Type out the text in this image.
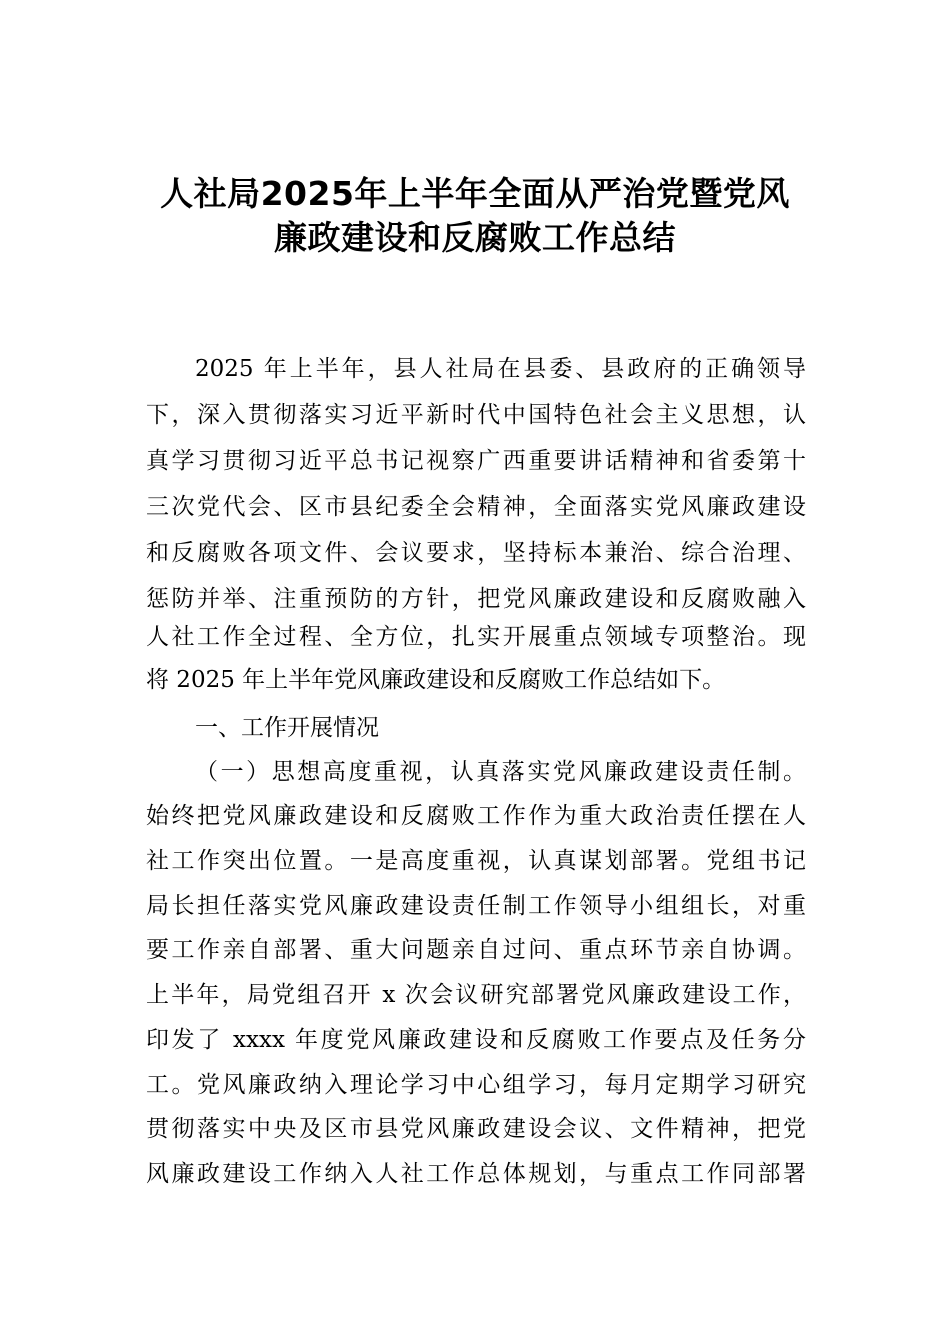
人社局2025年上半年全面从严治党暨党风
廉政建设和反腐败工作总结
2025 年上半年，县人社局在县委、县政府的正确领导
下，深入贯彻落实习近平新时代中国特色社会主义思想，认
真学习贯彻习近平总书记视察广西重要讲话精神和省委第十
三次党代会、区市县纪委全会精神，全面落实党风廉政建设
和反腐败各项文件、会议要求，坚持标本兼治、综合治理、
惩防并举、注重预防的方针，把党风廉政建设和反腐败融入
人社工作全过程、全方位，扎实开展重点领域专项整治。现
将 2025 年上半年党风廉政建设和反腐败工作总结如下。
一、工作开展情况
（一）思想高度重视，认真落实党风廉政建设责任制。
始终把党风廉政建设和反腐败工作作为重大政治责任摆在人
社工作突出位置。一是高度重视，认真谋划部署。党组书记
局长担任落实党风廉政建设责任制工作领导小组组长，对重
要工作亲自部署、重大问题亲自过问、重点环节亲自协调。
上半年，局党组召开 x 次会议研究部署党风廉政建设工作，
印发了 xxxx 年度党风廉政建设和反腐败工作要点及任务分
工。党风廉政纳入理论学习中心组学习，每月定期学习研究
贯彻落实中央及区市县党风廉政建设会议、文件精神，把党
风廉政建设工作纳入人社工作总体规划，与重点工作同部署
